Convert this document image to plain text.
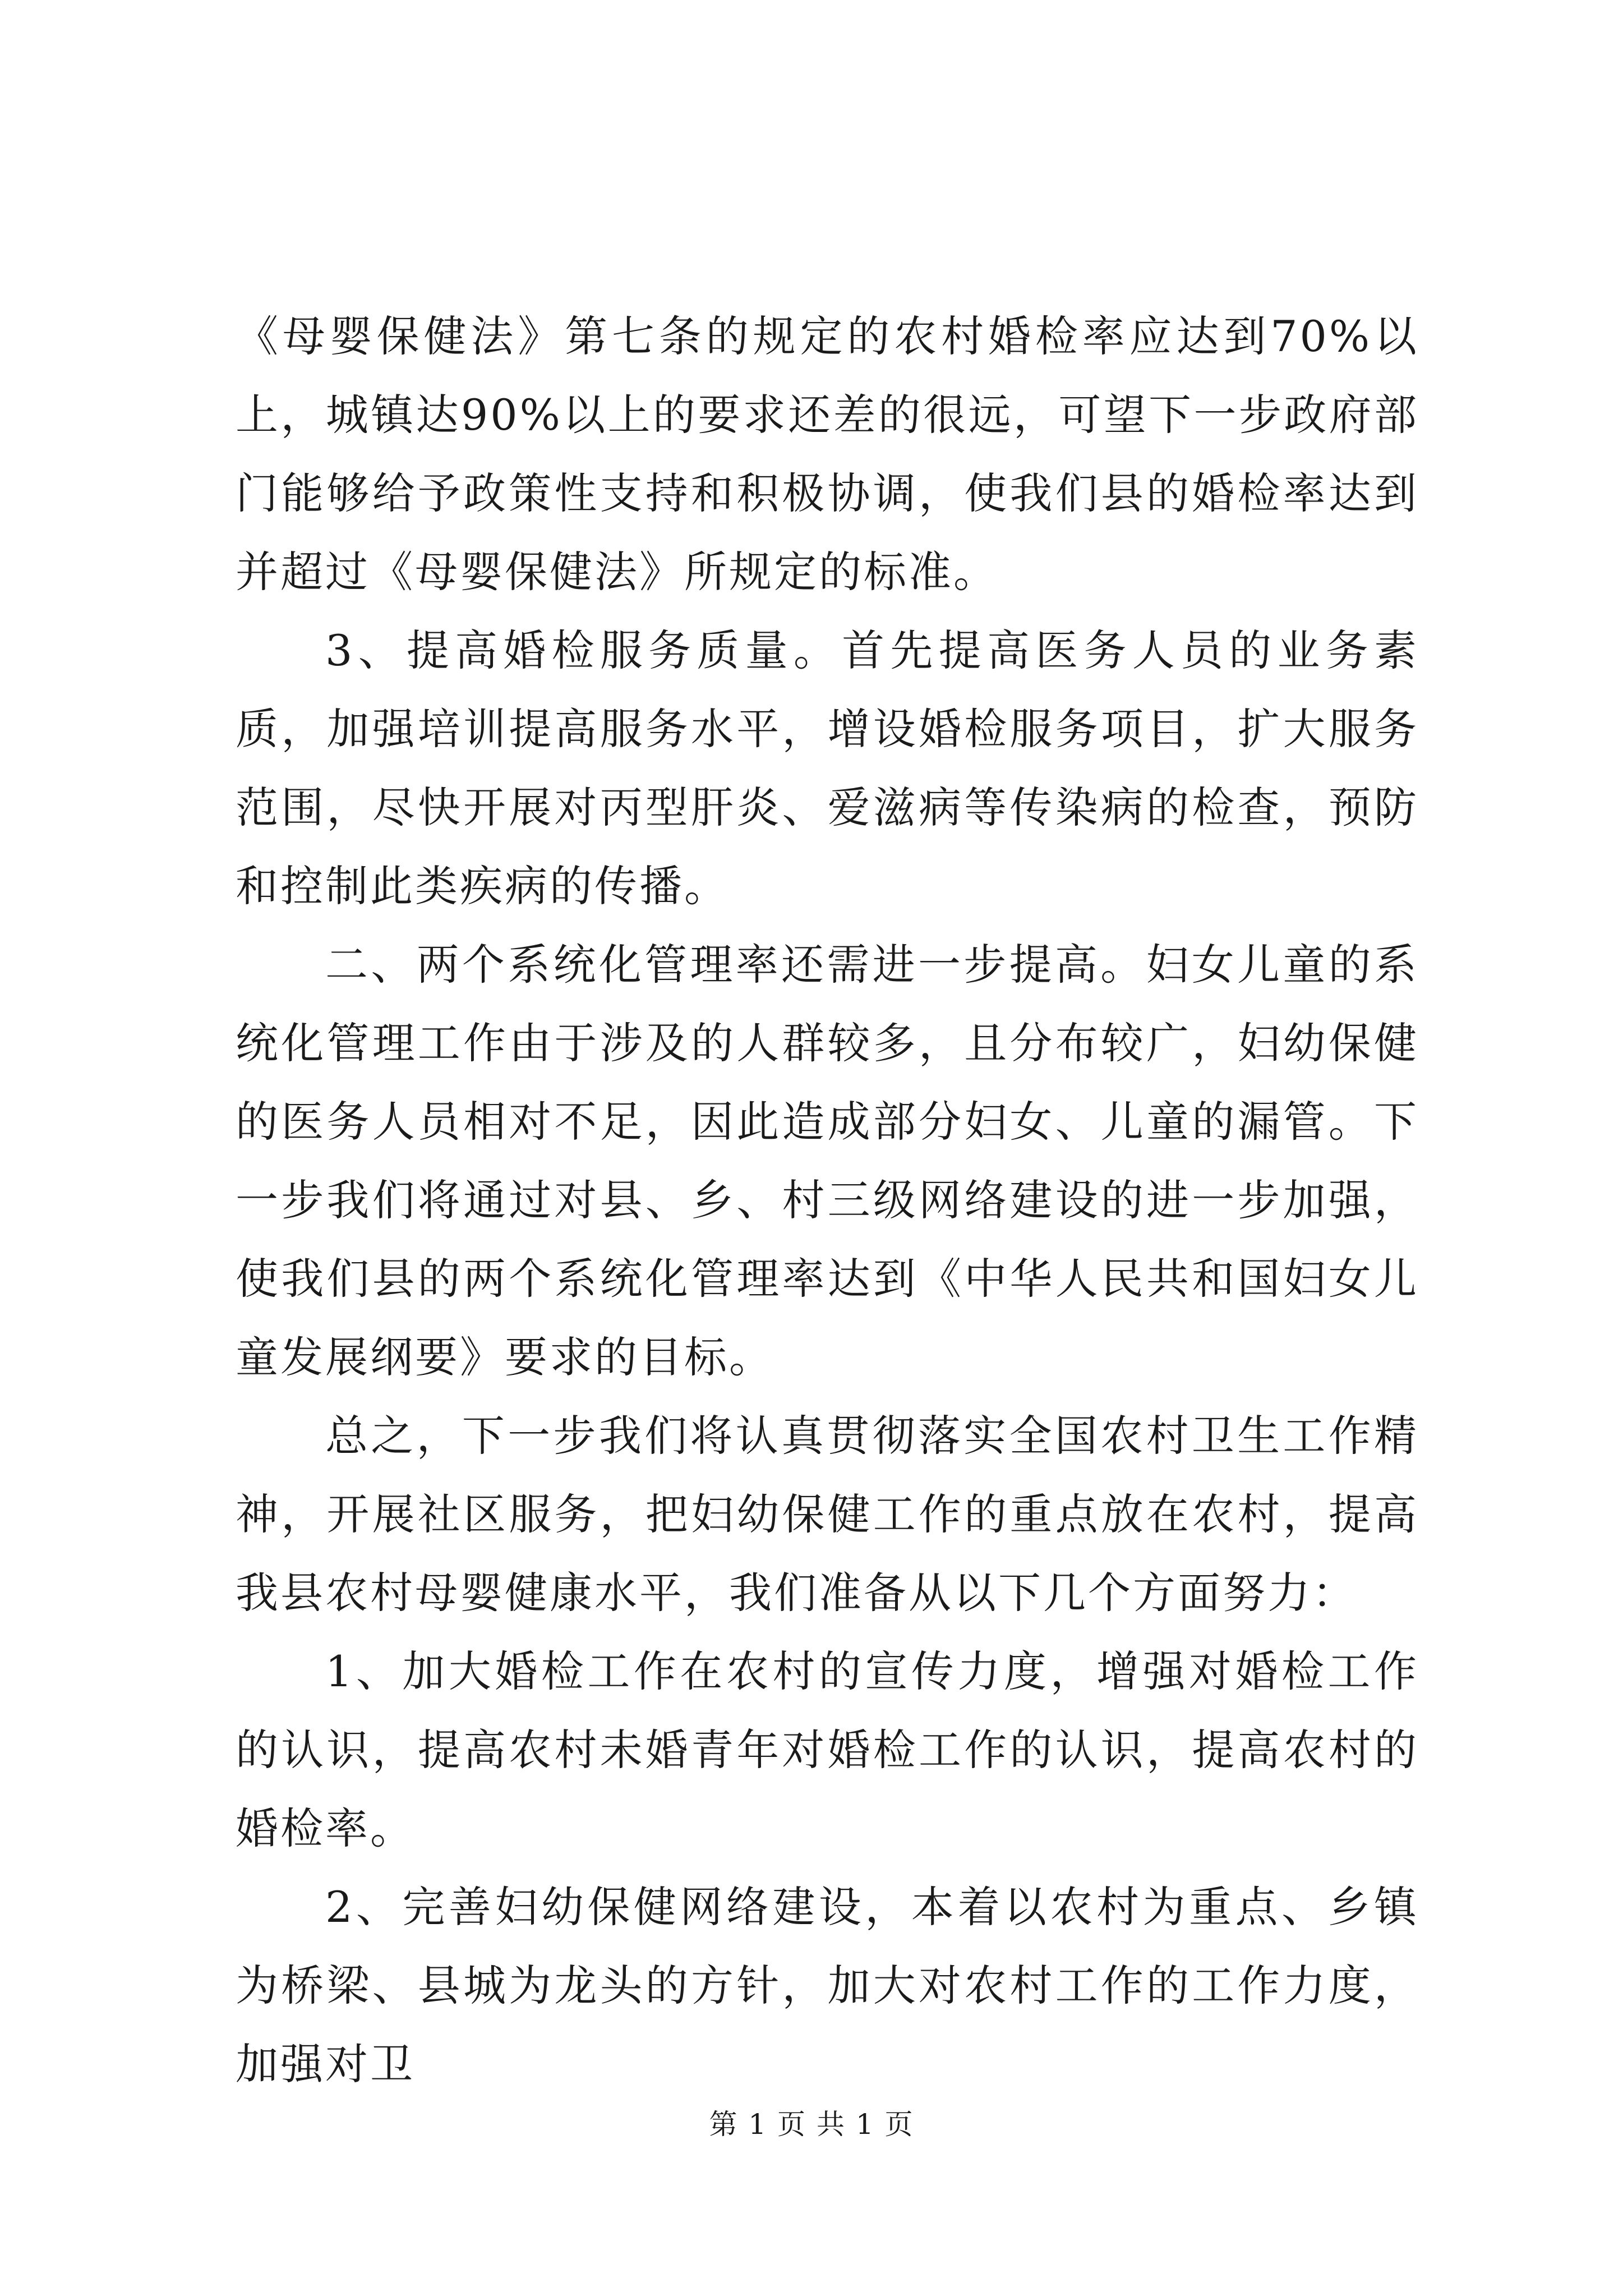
《母婴保健法》第七条的规定的农村婚检率应达到70%以上，城镇达90%以上的要求还差的很远，可望下一步政府部门能够给予政策性支持和积极协调，使我们县的婚检率达到并超过《母婴保健法》所规定的标准。

3、提高婚检服务质量。首先提高医务人员的业务素质，加强培训提高服务水平，增设婚检服务项目，扩大服务范围，尽快开展对丙型肝炎、爱滋病等传染病的检查，预防和控制此类疾病的传播。

二、两个系统化管理率还需进一步提高。妇女儿童的系统化管理工作由于涉及的人群较多，且分布较广，妇幼保健的医务人员相对不足，因此造成部分妇女、儿童的漏管。下一步我们将通过对县、乡、村三级网络建设的进一步加强，使我们县的两个系统化管理率达到《中华人民共和国妇女儿童发展纲要》要求的目标。

总之，下一步我们将认真贯彻落实全国农村卫生工作精神，开展社区服务，把妇幼保健工作的重点放在农村，提高我县农村母婴健康水平，我们准备从以下几个方面努力：

1、加大婚检工作在农村的宣传力度，增强对婚检工作的认识，提高农村未婚青年对婚检工作的认识，提高农村的婚检率。

2、完善妇幼保健网络建设，本着以农村为重点、乡镇为桥梁、县城为龙头的方针，加大对农村工作的工作力度，加强对卫

第 1 页 共 1 页
